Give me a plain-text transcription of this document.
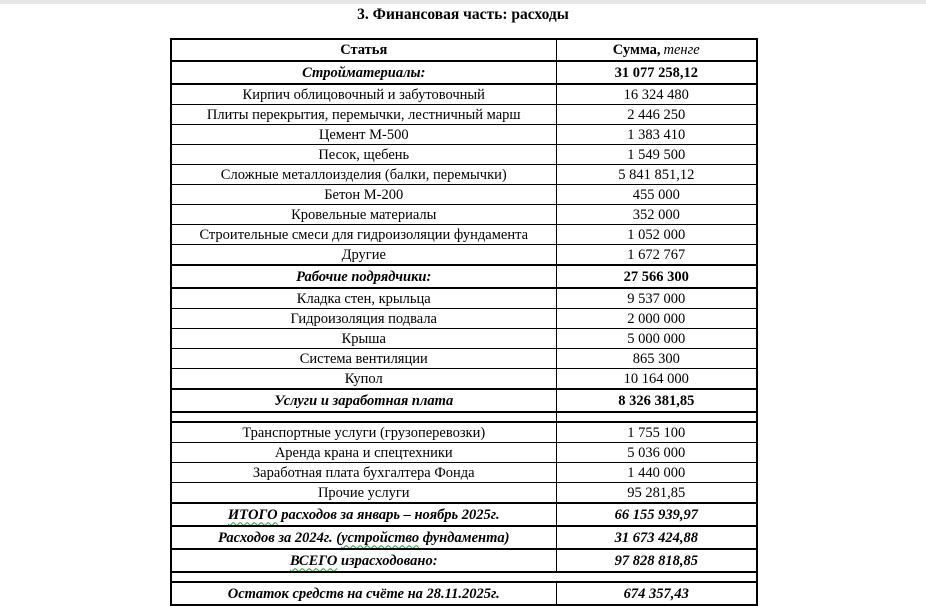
3. Финансовая часть: расходы
Статья	Сумма, тенге
Стройматериалы:	31 077 258,12
Кирпич облицовочный и забутовочный	16 324 480
Плиты перекрытия, перемычки, лестничный марш	2 446 250
Цемент М-500	1 383 410
Песок, щебень	1 549 500
Сложные металлоизделия (балки, перемычки)	5 841 851,12
Бетон М-200	455 000
Кровельные материалы	352 000
Строительные смеси для гидроизоляции фундамента	1 052 000
Другие	1 672 767
Рабочие подрядчики:	27 566 300
Кладка стен, крыльца	9 537 000
Гидроизоляция подвала	2 000 000
Крыша	5 000 000
Система вентиляции	865 300
Купол	10 164 000
Услуги и заработная плата	8 326 381,85

Транспортные услуги (грузоперевозки)	1 755 100
Аренда крана и спецтехники	5 036 000
Заработная плата бухгалтера Фонда	1 440 000
Прочие услуги	95 281,85
ИТОГО расходов за январь – ноябрь 2025г.	66 155 939,97
Расходов за 2024г. (устройство фундамента)	31 673 424,88
ВСЕГО израсходовано:	97 828 818,85

Остаток средств на счёте на 28.11.2025г.	674 357,43
